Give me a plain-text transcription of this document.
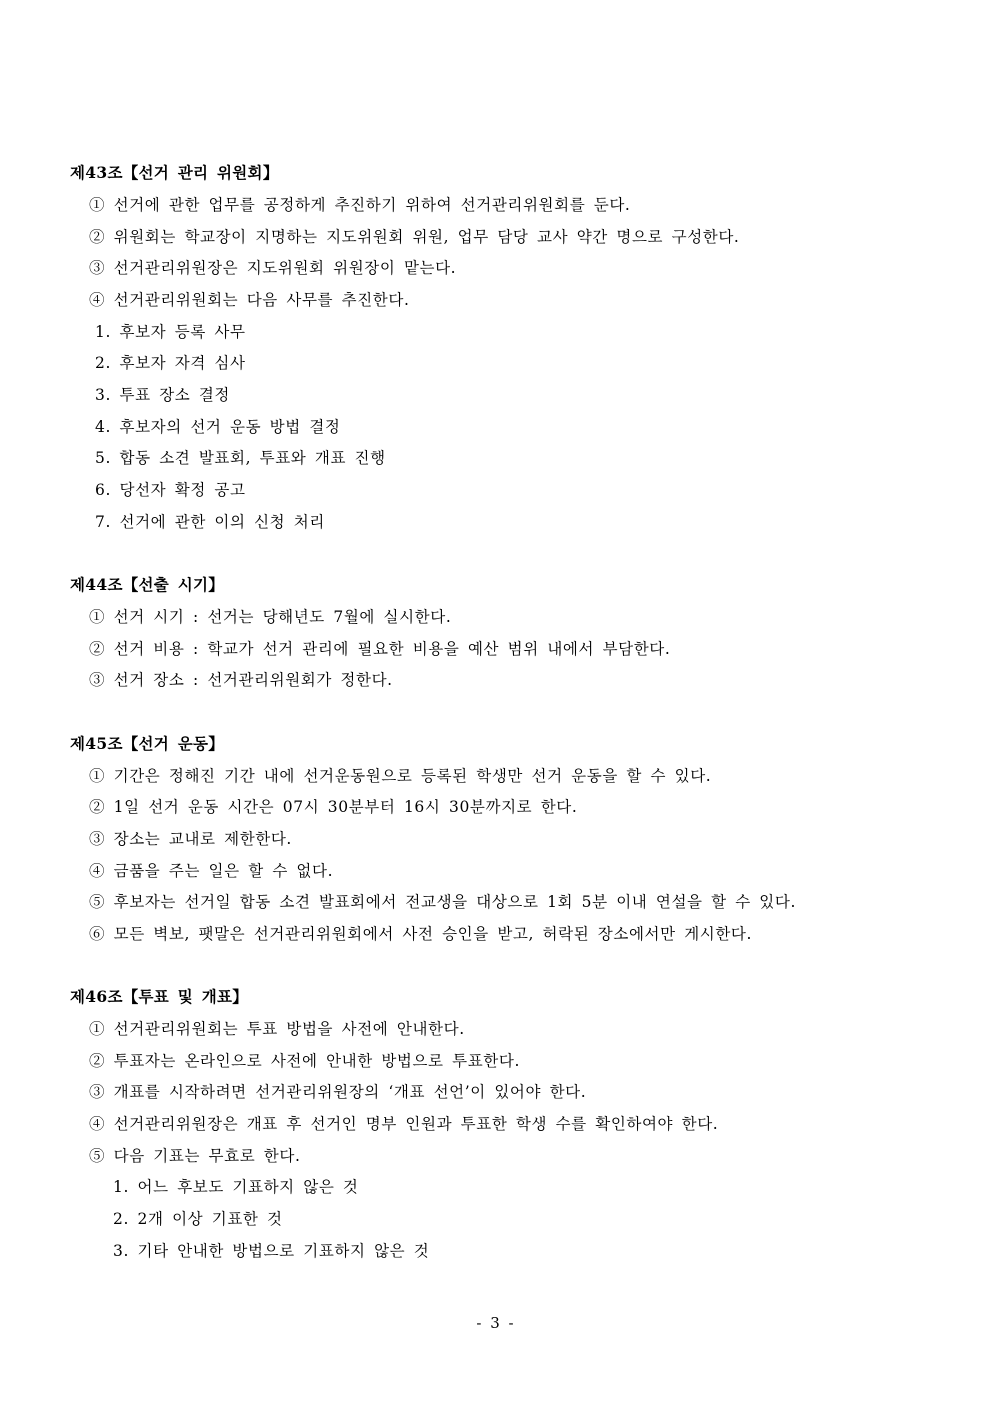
제43조【선거 관리 위원회】
① 선거에 관한 업무를 공정하게 추진하기 위하여 선거관리위원회를 둔다.
② 위원회는 학교장이 지명하는 지도위원회 위원, 업무 담당 교사 약간 명으로 구성한다.
③ 선거관리위원장은 지도위원회 위원장이 맡는다.
④ 선거관리위원회는 다음 사무를 추진한다.
1. 후보자 등록 사무
2. 후보자 자격 심사
3. 투표 장소 결정
4. 후보자의 선거 운동 방법 결정
5. 합동 소견 발표회, 투표와 개표 진행
6. 당선자 확정 공고
7. 선거에 관한 이의 신청 처리
제44조【선출 시기】
① 선거 시기 : 선거는 당해년도 7월에 실시한다.
② 선거 비용 : 학교가 선거 관리에 필요한 비용을 예산 범위 내에서 부담한다.
③ 선거 장소 : 선거관리위원회가 정한다.
제45조【선거 운동】
① 기간은 정해진 기간 내에 선거운동원으로 등록된 학생만 선거 운동을 할 수 있다.
② 1일 선거 운동 시간은 07시 30분부터 16시 30분까지로 한다.
③ 장소는 교내로 제한한다.
④ 금품을 주는 일은 할 수 없다.
⑤ 후보자는 선거일 합동 소견 발표회에서 전교생을 대상으로 1회 5분 이내 연설을 할 수 있다.
⑥ 모든 벽보, 팻말은 선거관리위원회에서 사전 승인을 받고, 허락된 장소에서만 게시한다.
제46조【투표 및 개표】
① 선거관리위원회는 투표 방법을 사전에 안내한다.
② 투표자는 온라인으로 사전에 안내한 방법으로 투표한다.
③ 개표를 시작하려면 선거관리위원장의 ‘개표 선언’이 있어야 한다.
④ 선거관리위원장은 개표 후 선거인 명부 인원과 투표한 학생 수를 확인하여야 한다.
⑤ 다음 기표는 무효로 한다.
1. 어느 후보도 기표하지 않은 것
2. 2개 이상 기표한 것
3. 기타 안내한 방법으로 기표하지 않은 것
- 3 -
